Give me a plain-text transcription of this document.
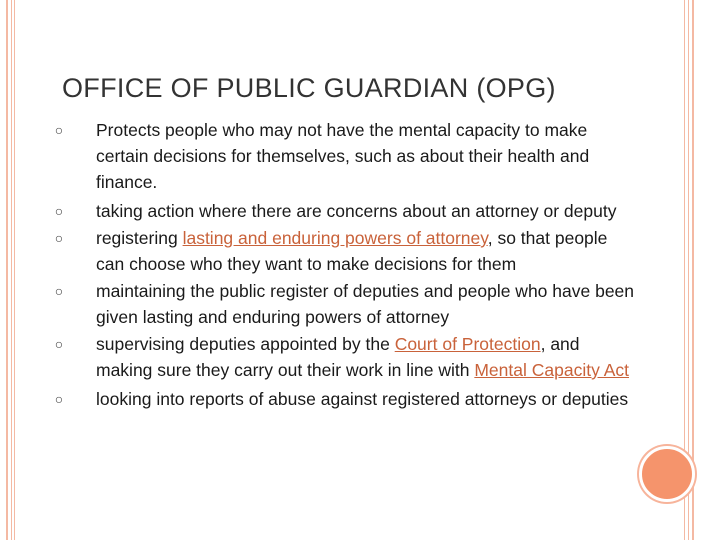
OFFICE OF PUBLIC GUARDIAN (OPG)
○	Protects people who may not have the mental capacity to make certain decisions for themselves, such as about their health and finance.
○	taking action where there are concerns about an attorney or deputy
○	registering lasting and enduring powers of attorney, so that people can choose who they want to make decisions for them
○	maintaining the public register of deputies and people who have been given lasting and enduring powers of attorney
○	supervising deputies appointed by the Court of Protection, and making sure they carry out their work in line with Mental Capacity Act
○	looking into reports of abuse against registered attorneys or deputies
